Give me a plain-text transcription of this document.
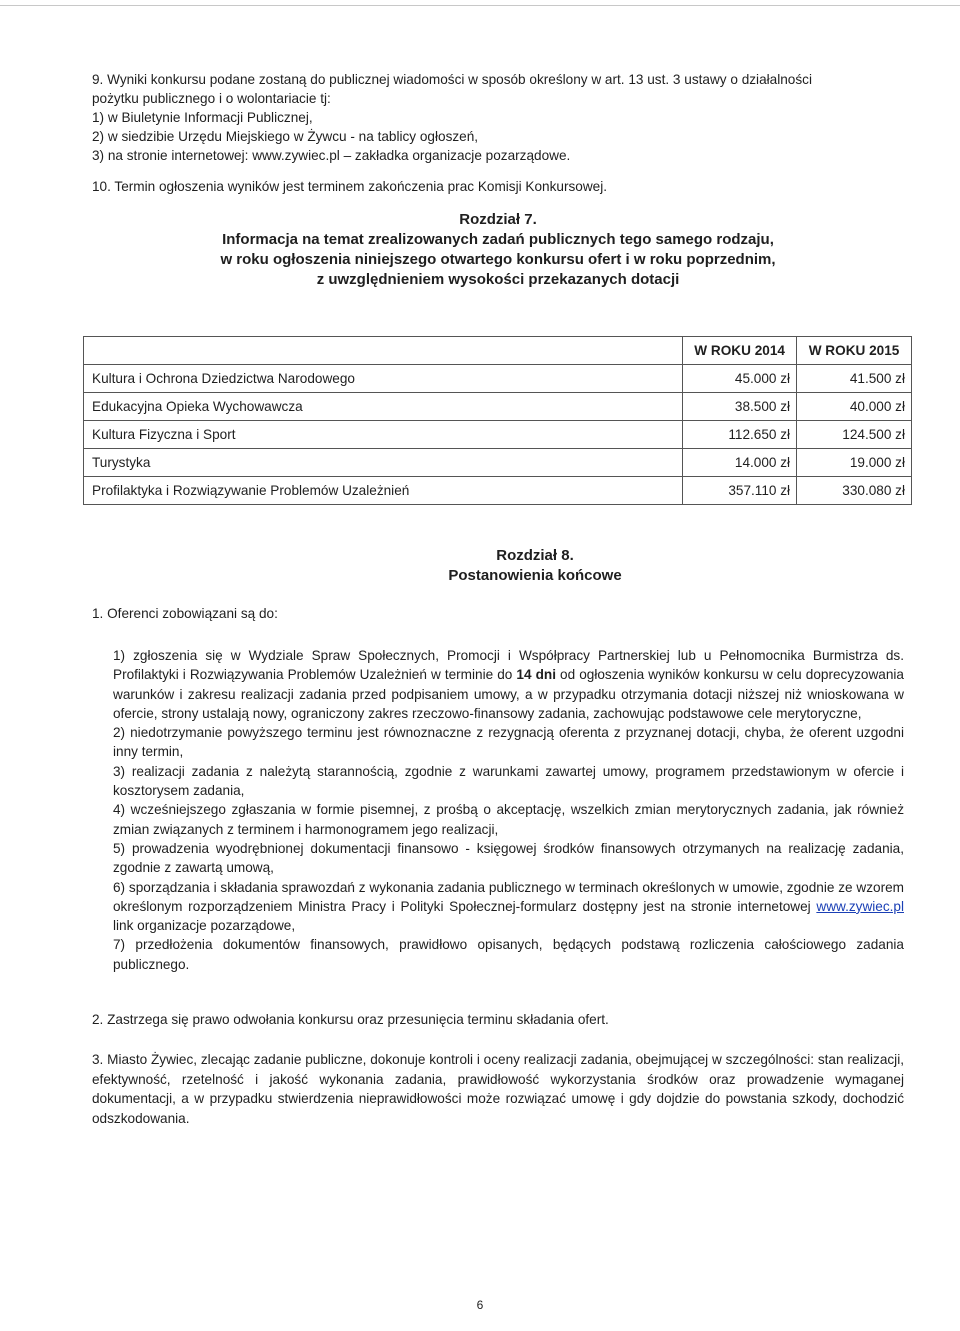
9. Wyniki konkursu podane zostaną do publicznej wiadomości w sposób określony w art. 13 ust. 3 ustawy o działalności

pożytku publicznego i o wolontariacie tj:

1) w Biuletynie Informacji Publicznej,

2) w siedzibie Urzędu Miejskiego w Żywcu - na tablicy ogłoszeń,

3) na stronie internetowej: www.zywiec.pl – zakładka organizacje pozarządowe.

10. Termin ogłoszenia wyników jest terminem zakończenia prac Komisji Konkursowej.

Rozdział 7.
Informacja na temat zrealizowanych zadań publicznych tego samego rodzaju,
w roku ogłoszenia niniejszego otwartego konkursu ofert i w roku poprzednim,
z uwzględnieniem wysokości przekazanych dotacji
	W ROKU 2014	W ROKU 2015
Kultura i Ochrona Dziedzictwa Narodowego	45.000 zł	41.500 zł
Edukacyjna Opieka Wychowawcza	38.500 zł	40.000 zł
Kultura Fizyczna i Sport	112.650 zł	124.500 zł
Turystyka	14.000 zł	19.000 zł
Profilaktyka i Rozwiązywanie Problemów Uzależnień	357.110 zł	330.080 zł
Rozdział 8.
Postanowienia końcowe
1. Oferenci zobowiązani są do:

1) zgłoszenia się w Wydziale Spraw Społecznych, Promocji i Współpracy Partnerskiej lub u Pełnomocnika Burmistrza ds. Profilaktyki i Rozwiązywania Problemów Uzależnień w terminie do 14 dni od ogłoszenia wyników konkursu w celu doprecyzowania warunków i zakresu realizacji zadania przed podpisaniem umowy, a w przypadku otrzymania dotacji niższej niż wnioskowana w ofercie, strony ustalają nowy, ograniczony zakres rzeczowo-finansowy zadania, zachowując podstawowe cele merytoryczne,

2) niedotrzymanie powyższego terminu jest równoznaczne z rezygnacją oferenta z przyznanej dotacji, chyba, że oferent uzgodni inny termin,

3) realizacji zadania z należytą starannością, zgodnie z warunkami zawartej umowy, programem przedstawionym w ofercie i kosztorysem zadania,

4) wcześniejszego zgłaszania w formie pisemnej, z prośbą o akceptację, wszelkich zmian merytorycznych zadania, jak również zmian związanych z terminem i harmonogramem jego realizacji,

5) prowadzenia wyodrębnionej dokumentacji finansowo - księgowej środków finansowych otrzymanych na realizację zadania, zgodnie z zawartą umową,

6) sporządzania i składania sprawozdań z wykonania zadania publicznego w terminach określonych w umowie, zgodnie ze wzorem określonym rozporządzeniem Ministra Pracy i Polityki Społecznej-formularz dostępny jest na stronie internetowej www.zywiec.pl link organizacje pozarządowe,

7) przedłożenia dokumentów finansowych, prawidłowo opisanych, będących podstawą rozliczenia całościowego zadania publicznego.

2. Zastrzega się prawo odwołania konkursu oraz przesunięcia terminu składania ofert.
3. Miasto Żywiec, zlecając zadanie publiczne, dokonuje kontroli i oceny realizacji zadania, obejmującej w szczególności: stan realizacji, efektywność, rzetelność i jakość wykonania zadania, prawidłowość wykorzystania środków oraz prowadzenie wymaganej dokumentacji, a w przypadku stwierdzenia nieprawidłowości może rozwiązać umowę i gdy dojdzie do powstania szkody, dochodzić odszkodowania.
6
